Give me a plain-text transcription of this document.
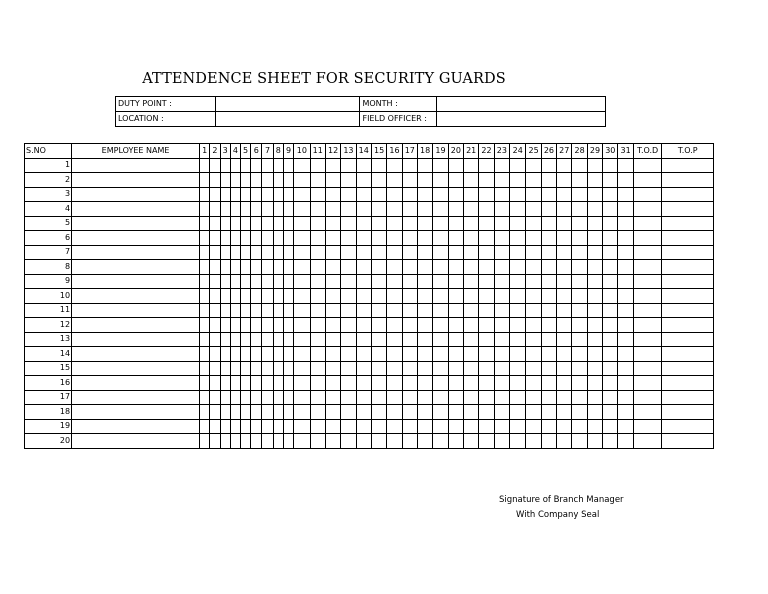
ATTENDENCE SHEET FOR SECURITY GUARDS
DUTY POINT :		MONTH :	
LOCATION :		FIELD OFFICER :	
S.NO	EMPLOYEE NAME	1	2	3	4	5	6	7	8	9	10	11	12	13	14	15	16	17	18	19	20	21	22	23	24	25	26	27	28	29	30	31	T.O.D	T.O.P
1																																		
2																																		
3																																		
4																																		
5																																		
6																																		
7																																		
8																																		
9																																		
10																																		
11																																		
12																																		
13																																		
14																																		
15																																		
16																																		
17																																		
18																																		
19																																		
20																																		
Signature of Branch Manager
With Company Seal
